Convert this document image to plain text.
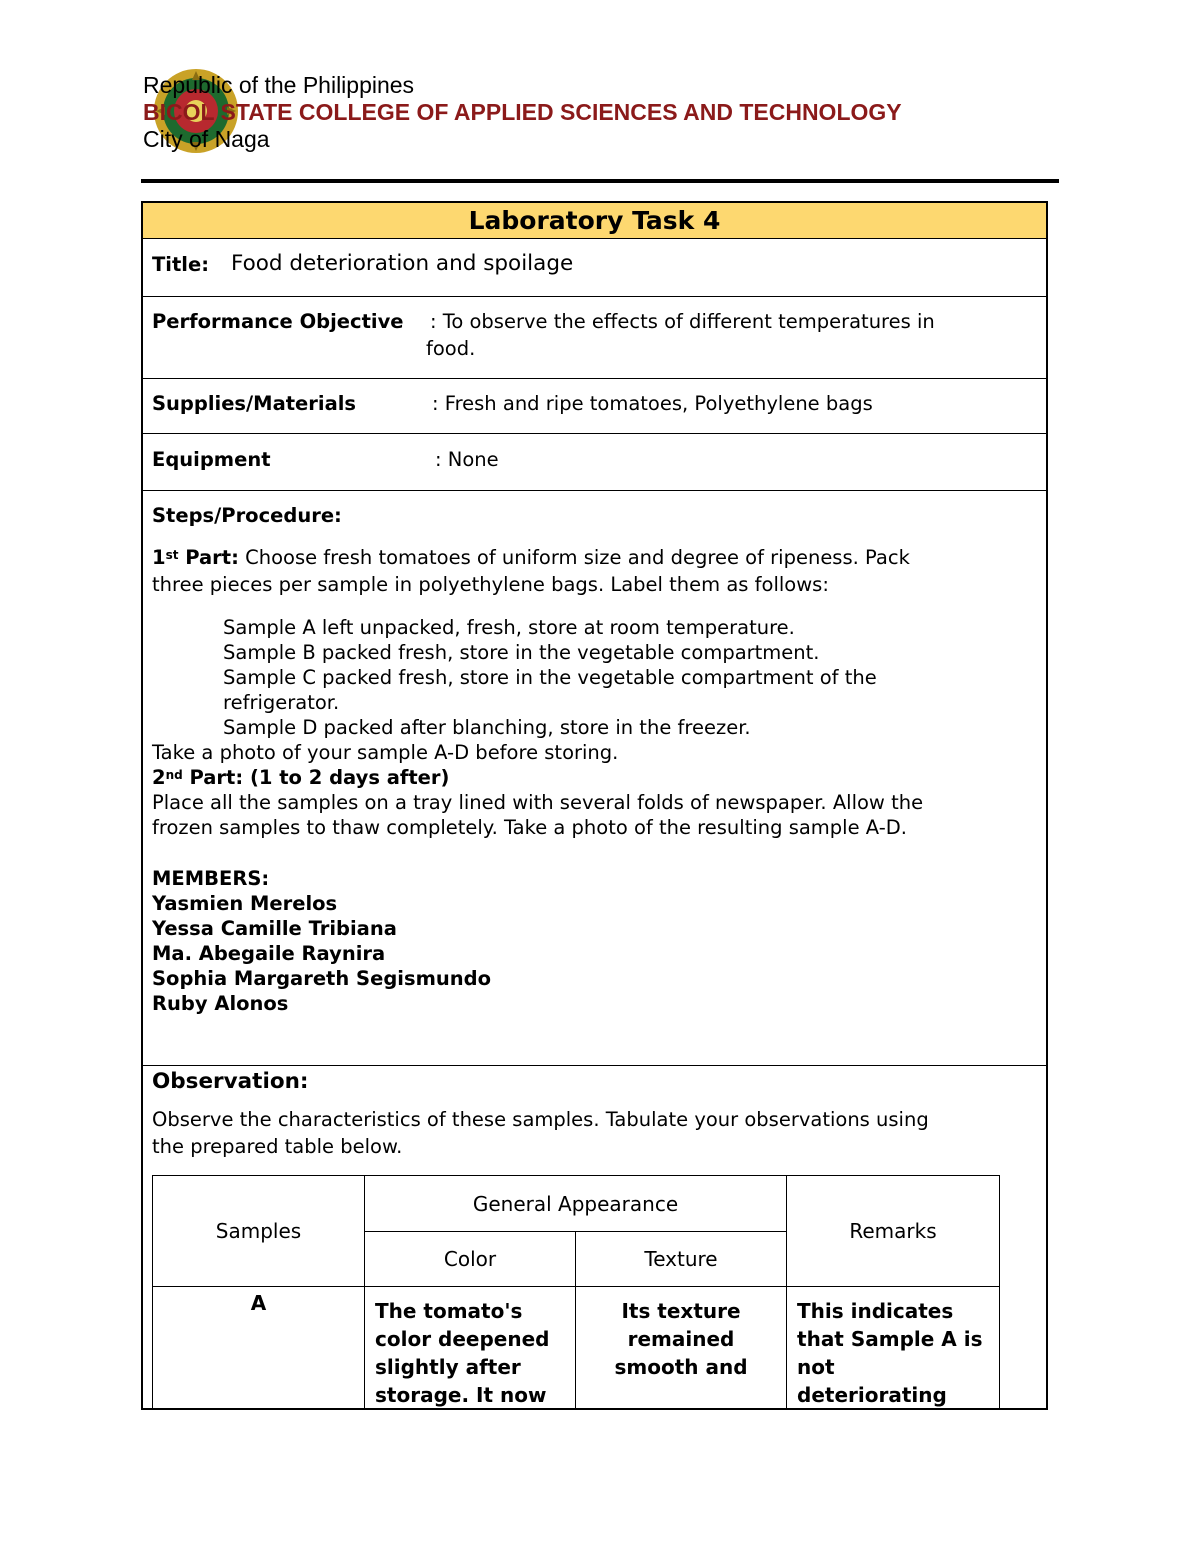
Republic of the Philippines
BICOL STATE COLLEGE OF APPLIED SCIENCES AND TECHNOLOGY
City of Naga
Laboratory Task 4
Title: Food deterioration and spoilage
Performance Objective : To observe the effects of different temperatures in
food.
Supplies/Materials	: Fresh and ripe tomatoes, Polyethylene bags
Equipment	: None
Steps/Procedure:
1st Part: Choose fresh tomatoes of uniform size and degree of ripeness. Pack
three pieces per sample in polyethylene bags. Label them as follows:
Sample A left unpacked, fresh, store at room temperature.
Sample B packed fresh, store in the vegetable compartment.
Sample C packed fresh, store in the vegetable compartment of the
refrigerator.
Sample D packed after blanching, store in the freezer.
Take a photo of your sample A-D before storing.
2nd Part: (1 to 2 days after)
Place all the samples on a tray lined with several folds of newspaper. Allow the
frozen samples to thaw completely. Take a photo of the resulting sample A-D.
MEMBERS:
Yasmien Merelos
Yessa Camille Tribiana
Ma. Abegaile Raynira
Sophia Margareth Segismundo
Ruby Alonos
Observation:
Observe the characteristics of these samples. Tabulate your observations using
the prepared table below.
Samples	General Appearance		Remarks
	Color	Texture	
A	The tomato's color deepened slightly after storage. It now	Its texture remained smooth and	This indicates that Sample A is not deteriorating
